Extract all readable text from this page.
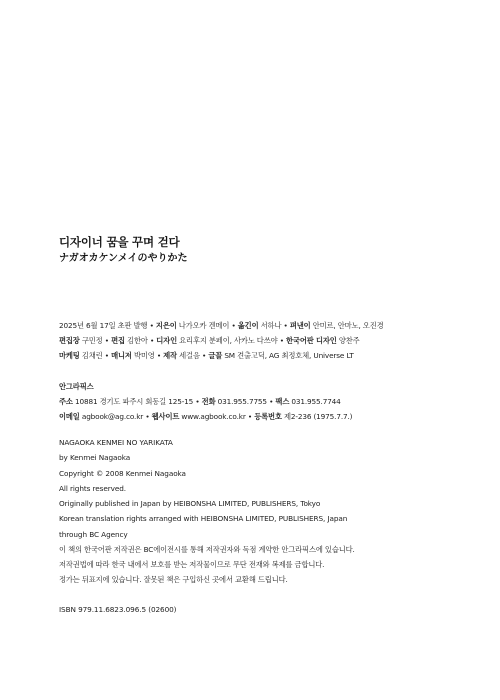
디자이너 꿈을 꾸며 걷다
ナガオカケンメイのやりかた
2025년 6월 17일 초판 발행 • 지은이 나가오카 겐메이 • 옮긴이 서하나 • 펴낸이 안미르, 안마노, 오진경
편집장 구민정 • 편집 김한아 • 디자인 요리후지 분페이, 사카노 다쓰야 • 한국어판 디자인 양찬주
마케팅 김채린 • 매니저 박미영 • 제작 세걸음 • 글꼴 SM 견출고딕, AG 최정호체, Universe LT
안그라픽스
주소 10881 경기도 파주시 회동길 125-15 • 전화 031.955.7755 • 팩스 031.955.7744
이메일 agbook@ag.co.kr • 웹사이트 www.agbook.co.kr • 등록번호 제2-236 (1975.7.7.)
NAGAOKA KENMEI NO YARIKATA
by Kenmei Nagaoka
Copyright © 2008 Kenmei Nagaoka
All rights reserved.
Originally published in Japan by HEIBONSHA LIMITED, PUBLISHERS, Tokyo
Korean translation rights arranged with HEIBONSHA LIMITED, PUBLISHERS, Japan
through BC Agency
이 책의 한국어판 저작권은 BC에이전시를 통해 저작권자와 독점 계약한 안그라픽스에 있습니다.
저작권법에 따라 한국 내에서 보호를 받는 저작물이므로 무단 전재와 복제를 금합니다.
정가는 뒤표지에 있습니다. 잘못된 책은 구입하신 곳에서 교환해 드립니다.
ISBN 979.11.6823.096.5 (02600)
